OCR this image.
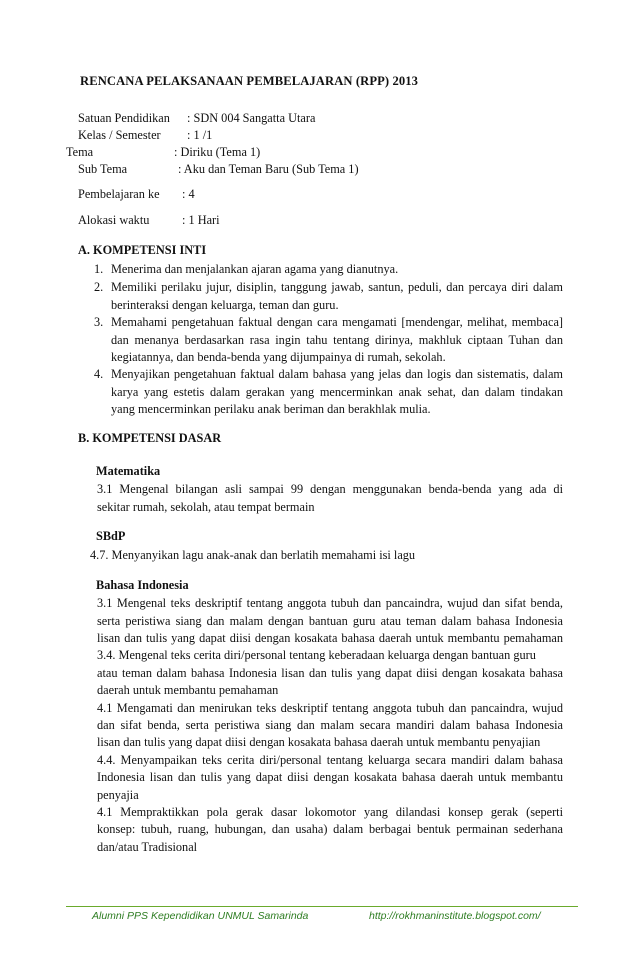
RENCANA PELAKSANAAN PEMBELAJARAN (RPP) 2013
Satuan Pendidikan : SDN 004 Sangatta Utara
Kelas / Semester : 1 /1
Tema	: Diriku (Tema 1)
Sub Tema	: Aku dan Teman Baru (Sub Tema 1)
Pembelajaran ke : 4
Alokasi waktu	: 1 Hari
A. KOMPETENSI INTI
1. Menerima dan menjalankan ajaran agama yang dianutnya.
2. Memiliki perilaku jujur, disiplin, tanggung jawab, santun, peduli, dan percaya diri dalam
berinteraksi dengan keluarga, teman dan guru.
3. Memahami pengetahuan faktual dengan cara mengamati [mendengar, melihat, membaca]
dan menanya berdasarkan rasa ingin tahu tentang dirinya, makhluk ciptaan Tuhan dan
kegiatannya, dan benda-benda yang dijumpainya di rumah, sekolah.
4. Menyajikan pengetahuan faktual dalam bahasa yang jelas dan logis dan sistematis, dalam
karya yang estetis dalam gerakan yang mencerminkan anak sehat, dan dalam tindakan
yang mencerminkan perilaku anak beriman dan berakhlak mulia.
B. KOMPETENSI DASAR
Matematika
3.1 Mengenal bilangan asli sampai 99 dengan menggunakan benda-benda yang ada di
sekitar rumah, sekolah, atau tempat bermain
SBdP
4.7. Menyanyikan lagu anak-anak dan berlatih memahami isi lagu
Bahasa Indonesia
3.1 Mengenal teks deskriptif tentang anggota tubuh dan pancaindra, wujud dan sifat benda,
serta peristiwa siang dan malam dengan bantuan guru atau teman dalam bahasa Indonesia
lisan dan tulis yang dapat diisi dengan kosakata bahasa daerah untuk membantu pemahaman
3.4. Mengenal teks cerita diri/personal tentang keberadaan keluarga dengan bantuan guru
atau teman dalam bahasa Indonesia lisan dan tulis yang dapat diisi dengan kosakata bahasa
daerah untuk membantu pemahaman
4.1 Mengamati dan menirukan teks deskriptif tentang anggota tubuh dan pancaindra, wujud
dan sifat benda, serta peristiwa siang dan malam secara mandiri dalam bahasa Indonesia
lisan dan tulis yang dapat diisi dengan kosakata bahasa daerah untuk membantu penyajian
4.4. Menyampaikan teks cerita diri/personal tentang keluarga secara mandiri dalam bahasa
Indonesia lisan dan tulis yang dapat diisi dengan kosakata bahasa daerah untuk membantu
penyajia
4.1 Mempraktikkan pola gerak dasar lokomotor yang dilandasi konsep gerak (seperti
konsep: tubuh, ruang, hubungan, dan usaha) dalam berbagai bentuk permainan sederhana
dan/atau Tradisional
Alumni PPS Kependidikan UNMUL Samarinda	http://rokhmaninstitute.blogspot.com/
